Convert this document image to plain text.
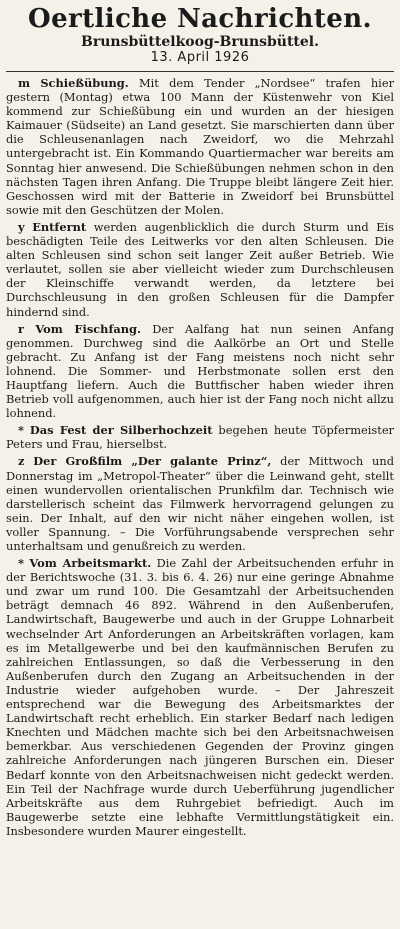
Oertliche Nachrichten.

Brunsbüttelkoog-Brunsbüttel.

13. April 1926

m Schießübung. Mit dem Tender „Nordsee“ trafen hier gestern (Montag) etwa 100 Mann der Küstenwehr von Kiel kommend zur Schießübung ein und wurden an der hiesigen Kaimauer (Südseite) an Land gesetzt. Sie marschierten dann über die Schleusenanlagen nach Zweidorf, wo die Mehrzahl untergebracht ist. Ein Kommando Quartiermacher war bereits am Sonntag hier anwesend. Die Schießübungen nehmen schon in den nächsten Tagen ihren Anfang. Die Truppe bleibt längere Zeit hier. Geschossen wird mit der Batterie in Zweidorf bei Brunsbüttel sowie mit den Geschützen der Molen.

y Entfernt werden augenblicklich die durch Sturm und Eis beschädigten Teile des Leitwerks vor den alten Schleusen. Die alten Schleusen sind schon seit langer Zeit außer Betrieb. Wie verlautet, sollen sie aber vielleicht wieder zum Durchschleusen der Kleinschiffe verwandt werden, da letztere bei Durchschleusung in den großen Schleusen für die Dampfer hindernd sind.

r Vom Fischfang. Der Aalfang hat nun seinen Anfang genommen. Durchweg sind die Aalkörbe an Ort und Stelle gebracht. Zu Anfang ist der Fang meistens noch nicht sehr lohnend. Die Sommer- und Herbstmonate sollen erst den Hauptfang liefern. Auch die Buttfischer haben wieder ihren Betrieb voll aufgenommen, auch hier ist der Fang noch nicht allzu lohnend.

* Das Fest der Silberhochzeit begehen heute Töpfermeister Peters und Frau, hierselbst.

z Der Großfilm „Der galante Prinz“, der Mittwoch und Donnerstag im „Metropol-Theater“ über die Leinwand geht, stellt einen wundervollen orientalischen Prunkfilm dar. Technisch wie darstellerisch scheint das Filmwerk hervorragend gelungen zu sein. Der Inhalt, auf den wir nicht näher eingehen wollen, ist voller Spannung. – Die Vorführungsabende versprechen sehr unterhaltsam und genußreich zu werden.

* Vom Arbeitsmarkt. Die Zahl der Arbeitsuchenden erfuhr in der Berichtswoche (31. 3. bis 6. 4. 26) nur eine geringe Abnahme und zwar um rund 100. Die Gesamtzahl der Arbeitsuchenden beträgt demnach 46 892. Während in den Außenberufen, Landwirtschaft, Baugewerbe und auch in der Gruppe Lohnarbeit wechselnder Art Anforderungen an Arbeitskräften vorlagen, kam es im Metallgewerbe und bei den kaufmännischen Berufen zu zahlreichen Entlassungen, so daß die Verbesserung in den Außenberufen durch den Zugang an Arbeitsuchenden in der Industrie wieder aufgehoben wurde. – Der Jahreszeit entsprechend war die Bewegung des Arbeitsmarktes der Landwirtschaft recht erheblich. Ein starker Bedarf nach ledigen Knechten und Mädchen machte sich bei den Arbeitsnachweisen bemerkbar. Aus verschiedenen Gegenden der Provinz gingen zahlreiche Anforderungen nach jüngeren Burschen ein. Dieser Bedarf konnte von den Arbeitsnachweisen nicht gedeckt werden. Ein Teil der Nachfrage wurde durch Ueberführung jugendlicher Arbeitskräfte aus dem Ruhrgebiet befriedigt. Auch im Baugewerbe setzte eine lebhafte Vermittlungstätigkeit ein. Insbesondere wurden Maurer eingestellt.
